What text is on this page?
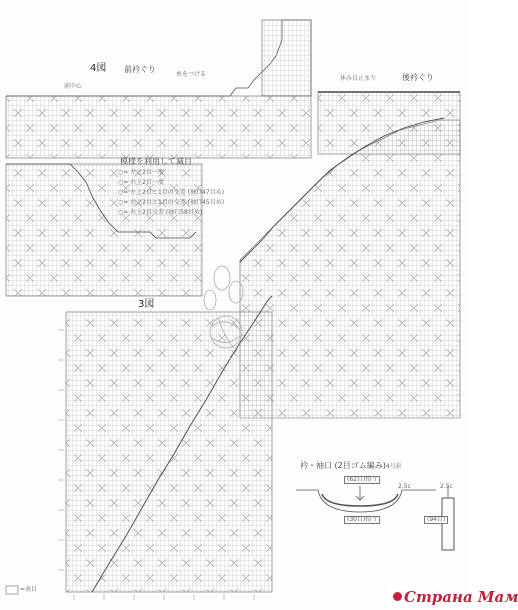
4図 前衿ぐり
前中心
糸をつける
休み目止まり	後衿ぐり
模様を利用して減目
○= 左上2目一度
○= 右上2目一度
○= 左上2目と1目の交差 (袖口47目め)
○= 右上2目と1目の交差 (袖口45目め)
○= 右上2目交差 (袖口58目め)
3図
衿・袖口 (2目ゴム編み)4号針
(62目)拾う
(30目)拾う	(94目)
2.5c	2.5c
=表目	Страна Мам
